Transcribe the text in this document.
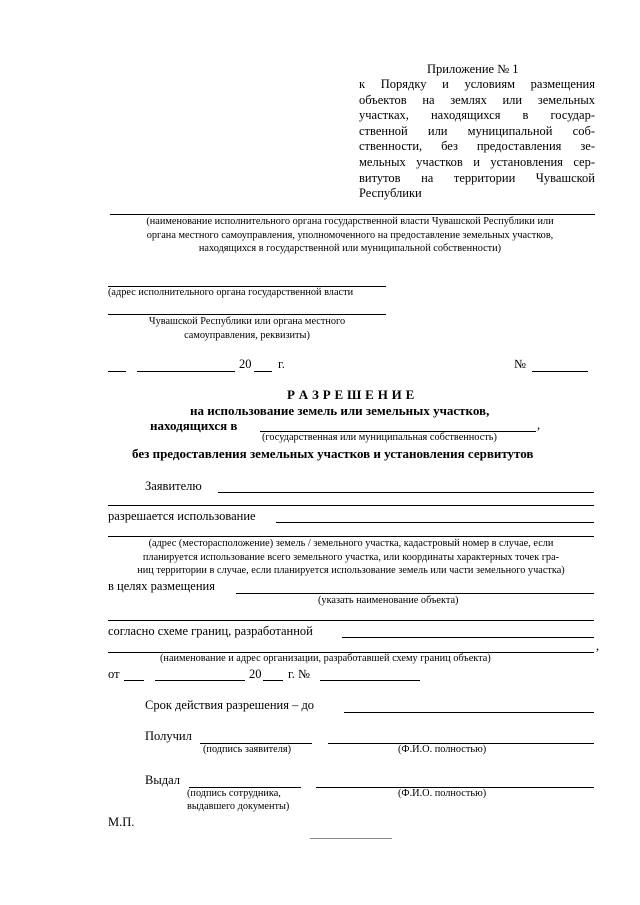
Приложение № 1

к Порядку и условиям размещения

объектов на землях или земельных

участках, находящихся в государ-

ственной или муниципальной соб-

ственности, без предоставления зе-

мельных участков и установления сер-

витутов на территории Чувашской

Республики

(наименование исполнительного органа государственной власти Чувашской Республики или
органа местного самоуправления, уполномоченного на предоставление земельных участков,
находящихся в государственной или муниципальной собственности)
(адрес исполнительного органа государственной власти
Чувашской Республики или органа местного
самоуправления, реквизиты)
20 г.	№
Р А З Р Е Ш Е Н И Е
на использование земель или земельных участков,
находящихся в	,
(государственная или муниципальная собственность)
без предоставления земельных участков и установления сервитутов
Заявителю
разрешается использование
(адрес (месторасположение) земель / земельного участка, кадастровый номер в случае, если
планируется использование всего земельного участка, или координаты характерных точек гра-
ниц территории в случае, если планируется использование земель или части земельного участка)
в целях размещения
(указать наименование объекта)
согласно схеме границ, разработанной
,
(наименование и адрес организации, разработавшей схему границ объекта)
от	20 г. №
Срок действия разрешения – до
Получил
(подпись заявителя)	(Ф.И.О. полностью)
Выдал
(подпись сотрудника,
выдавшего документы)
(Ф.И.О. полностью)
М.П.
